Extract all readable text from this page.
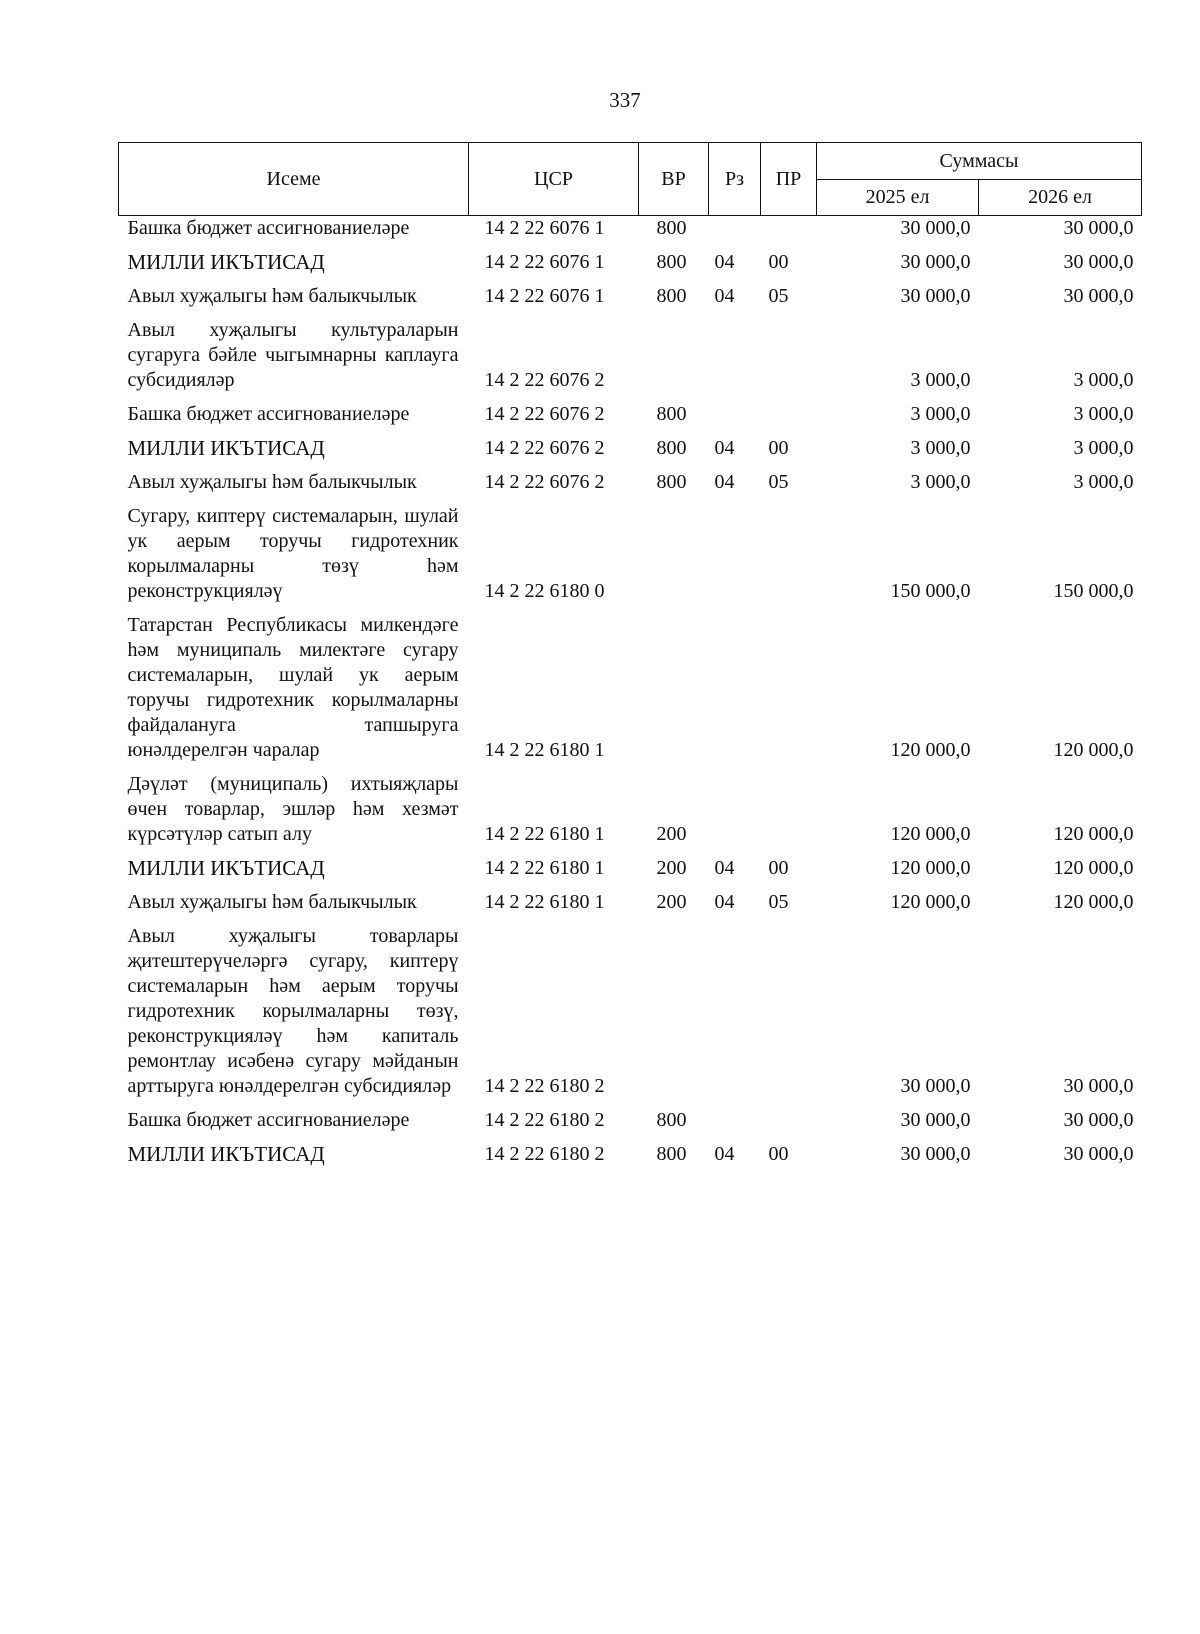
337
Исеме	ЦСР	ВР	Рз	ПР	Суммасы	
					2025 ел	2026 ел
Башка бюджет ассигнованиеләре	14 2 22 6076 1	800			30 000,0	30 000,0
МИЛЛИ ИКЪТИСАД	14 2 22 6076 1	800	04	00	30 000,0	30 000,0
Авыл хуҗалыгы һәм балыкчылык	14 2 22 6076 1	800	04	05	30 000,0	30 000,0
Авыл хуҗалыгы культураларын сугаруга бәйле чыгымнарны каплауга субсидияләр	14 2 22 6076 2				3 000,0	3 000,0
Башка бюджет ассигнованиеләре	14 2 22 6076 2	800			3 000,0	3 000,0
МИЛЛИ ИКЪТИСАД	14 2 22 6076 2	800	04	00	3 000,0	3 000,0
Авыл хуҗалыгы һәм балыкчылык	14 2 22 6076 2	800	04	05	3 000,0	3 000,0
Сугару, киптерү системаларын, шулай ук аерым торучы гидротехник корылмаларны төзү һәм реконструкцияләү	14 2 22 6180 0				150 000,0	150 000,0
Татарстан Республикасы милкендәге һәм муниципаль милектәге сугару системаларын, шулай ук аерым торучы гидротехник корылмаларны файдалануга тапшыруга юнәлдерелгән чаралар	14 2 22 6180 1				120 000,0	120 000,0
Дәүләт (муниципаль) ихтыяҗлары өчен товарлар, эшләр һәм хезмәт күрсәтүләр сатып алу	14 2 22 6180 1	200			120 000,0	120 000,0
МИЛЛИ ИКЪТИСАД	14 2 22 6180 1	200	04	00	120 000,0	120 000,0
Авыл хуҗалыгы һәм балыкчылык	14 2 22 6180 1	200	04	05	120 000,0	120 000,0
Авыл хуҗалыгы товарлары җитештерүчеләргә сугару, киптерү системаларын һәм аерым торучы гидротехник корылмаларны төзү, реконструкцияләү һәм капиталь ремонтлау исәбенә сугару мәйданын арттыруга юнәлдерелгән субсидияләр	14 2 22 6180 2				30 000,0	30 000,0
Башка бюджет ассигнованиеләре	14 2 22 6180 2	800			30 000,0	30 000,0
МИЛЛИ ИКЪТИСАД	14 2 22 6180 2	800	04	00	30 000,0	30 000,0
